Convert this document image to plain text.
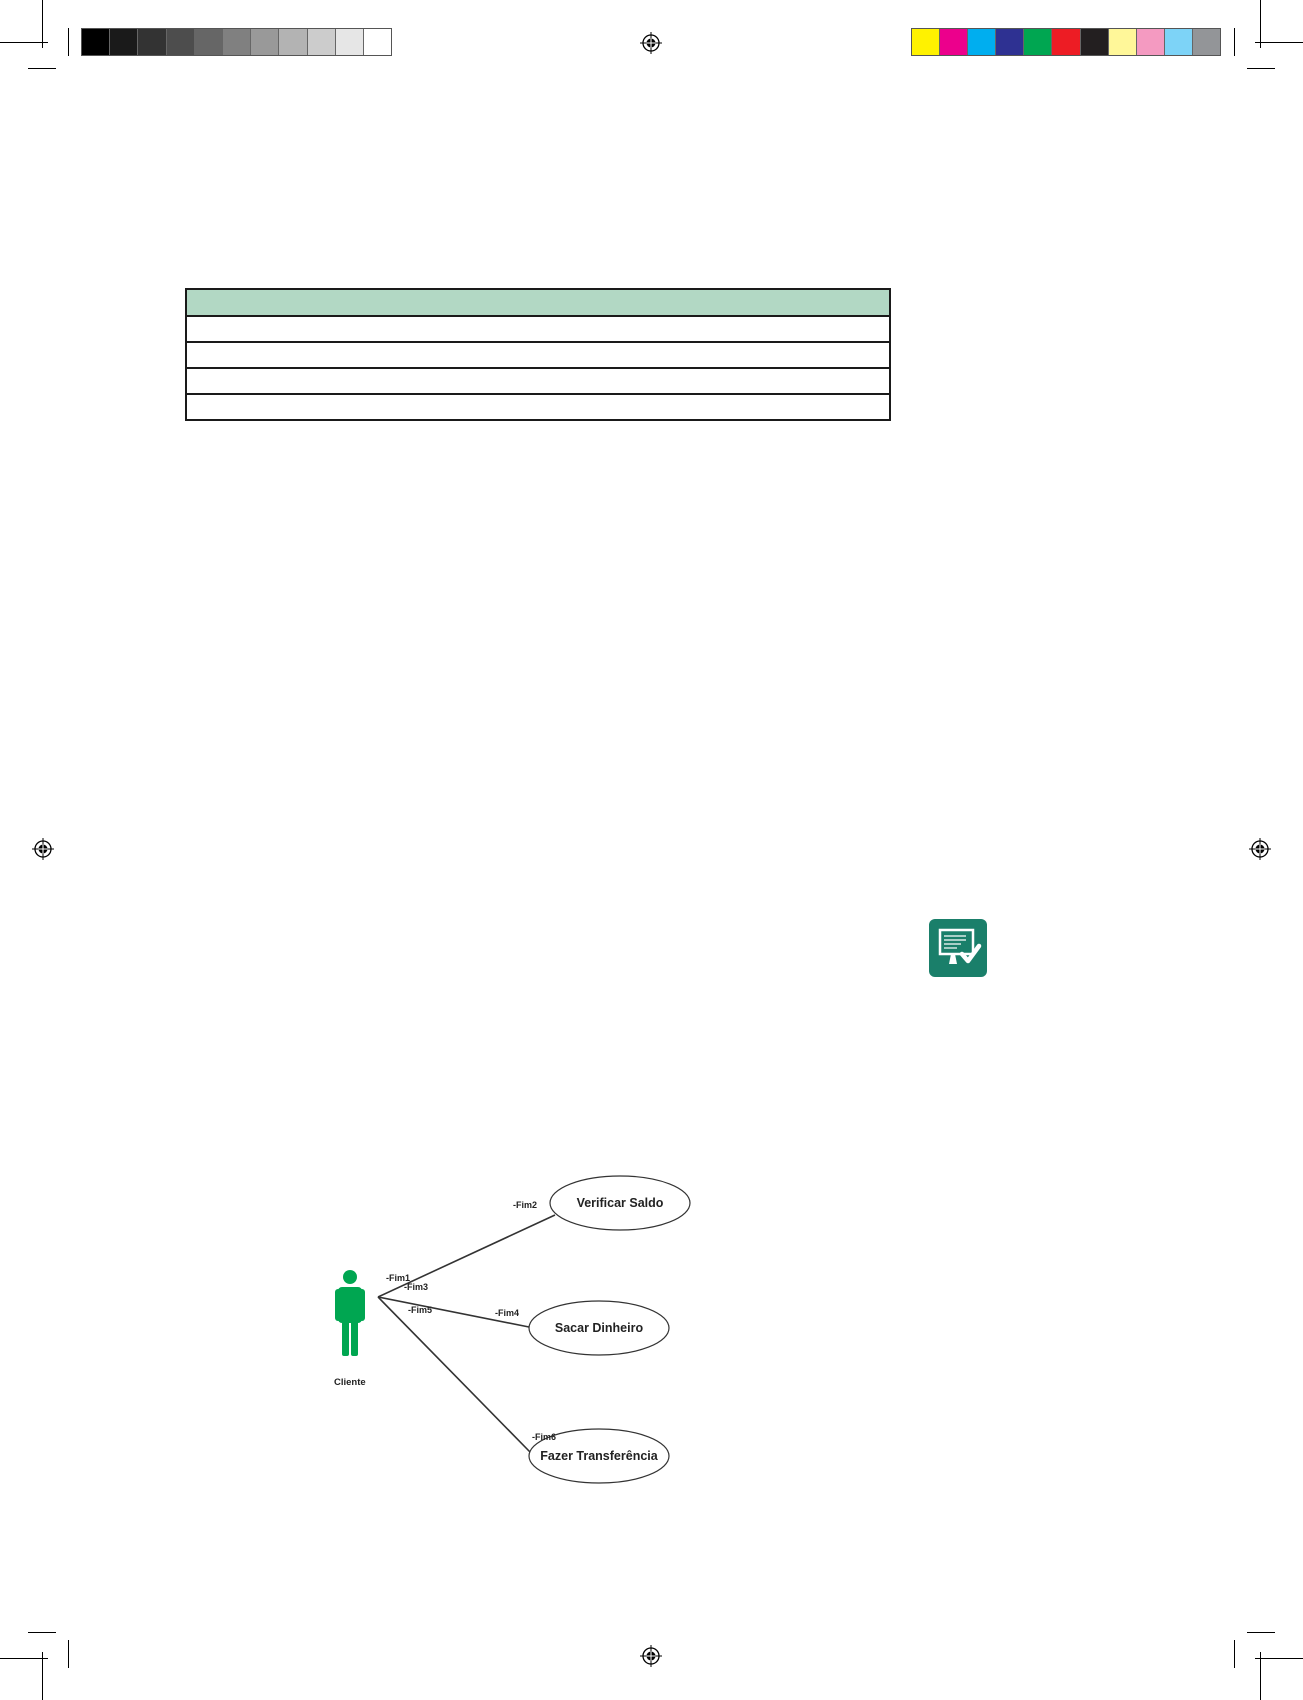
Cliente
Verificar Saldo
Sacar Dinheiro
Fazer Transferência
-Fim2
-Fim1
-Fim3
-Fim5	-Fim4
-Fim6
